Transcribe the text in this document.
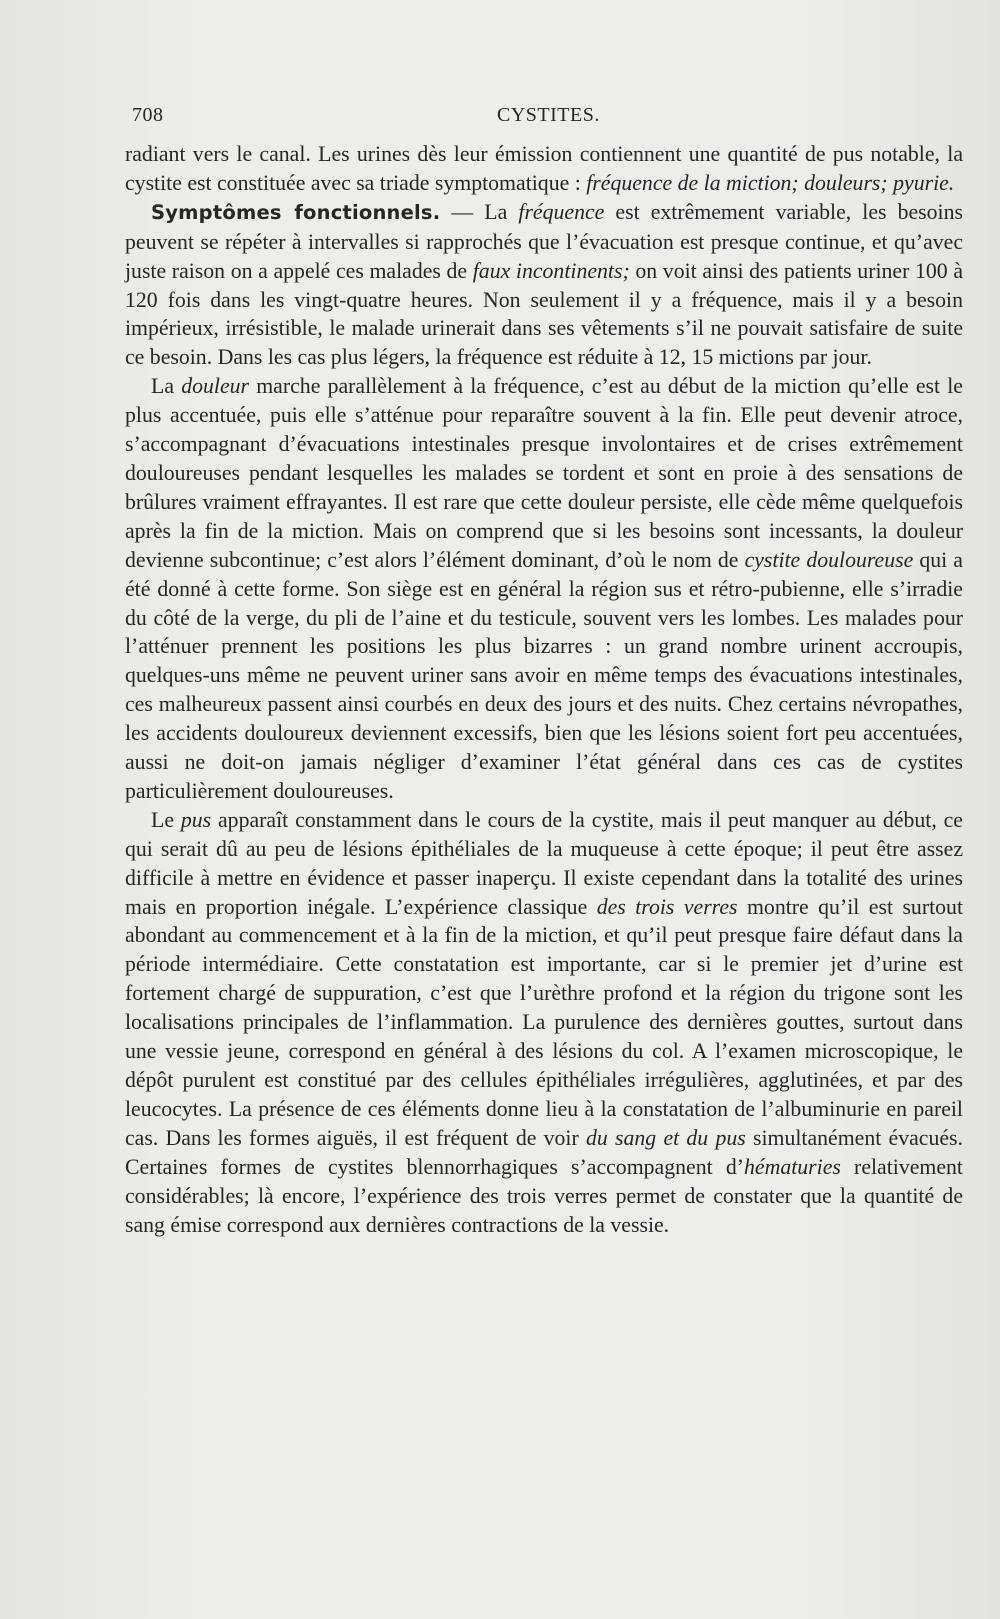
708	CYSTITES.

radiant vers le canal. Les urines dès leur émission contiennent une quantité de pus notable, la cystite est constituée avec sa triade symptomatique : fréquence de la miction; douleurs; pyurie.

Symptômes fonctionnels. — La fréquence est extrêmement variable, les besoins peuvent se répéter à intervalles si rapprochés que l’évacuation est presque continue, et qu’avec juste raison on a appelé ces malades de faux incontinents; on voit ainsi des patients uriner 100 à 120 fois dans les vingt-quatre heures. Non seulement il y a fréquence, mais il y a besoin impérieux, irrésistible, le malade urinerait dans ses vêtements s’il ne pouvait satisfaire de suite ce besoin. Dans les cas plus légers, la fréquence est réduite à 12, 15 mictions par jour.

La douleur marche parallèlement à la fréquence, c’est au début de la miction qu’elle est le plus accentuée, puis elle s’atténue pour reparaître souvent à la fin. Elle peut devenir atroce, s’accompagnant d’évacuations intestinales presque involontaires et de crises extrêmement douloureuses pendant lesquelles les malades se tordent et sont en proie à des sensations de brûlures vraiment effrayantes. Il est rare que cette douleur persiste, elle cède même quelquefois après la fin de la miction. Mais on comprend que si les besoins sont incessants, la douleur devienne subcontinue; c’est alors l’élément dominant, d’où le nom de cystite douloureuse qui a été donné à cette forme. Son siège est en général la région sus et rétro-pubienne, elle s’irradie du côté de la verge, du pli de l’aine et du testicule, souvent vers les lombes. Les malades pour l’atténuer prennent les positions les plus bizarres : un grand nombre urinent accroupis, quelques-uns même ne peuvent uriner sans avoir en même temps des évacuations intestinales, ces malheureux passent ainsi courbés en deux des jours et des nuits. Chez certains névropathes, les accidents douloureux deviennent excessifs, bien que les lésions soient fort peu accentuées, aussi ne doit-on jamais négliger d’examiner l’état général dans ces cas de cystites particulièrement douloureuses.

Le pus apparaît constamment dans le cours de la cystite, mais il peut manquer au début, ce qui serait dû au peu de lésions épithéliales de la muqueuse à cette époque; il peut être assez difficile à mettre en évidence et passer inaperçu. Il existe cependant dans la totalité des urines mais en proportion inégale. L’expérience classique des trois verres montre qu’il est surtout abondant au commencement et à la fin de la miction, et qu’il peut presque faire défaut dans la période intermédiaire. Cette constatation est importante, car si le premier jet d’urine est fortement chargé de suppuration, c’est que l’urèthre profond et la région du trigone sont les localisations principales de l’inflammation. La purulence des dernières gouttes, surtout dans une vessie jeune, correspond en général à des lésions du col. A l’examen microscopique, le dépôt purulent est constitué par des cellules épithéliales irrégulières, agglutinées, et par des leucocytes. La présence de ces éléments donne lieu à la constatation de l’albuminurie en pareil cas. Dans les formes aiguës, il est fréquent de voir du sang et du pus simultanément évacués. Certaines formes de cystites blennorrhagiques s’accompagnent d’hématuries relativement considérables; là encore, l’expérience des trois verres permet de constater que la quantité de sang émise correspond aux dernières contractions de la vessie.
